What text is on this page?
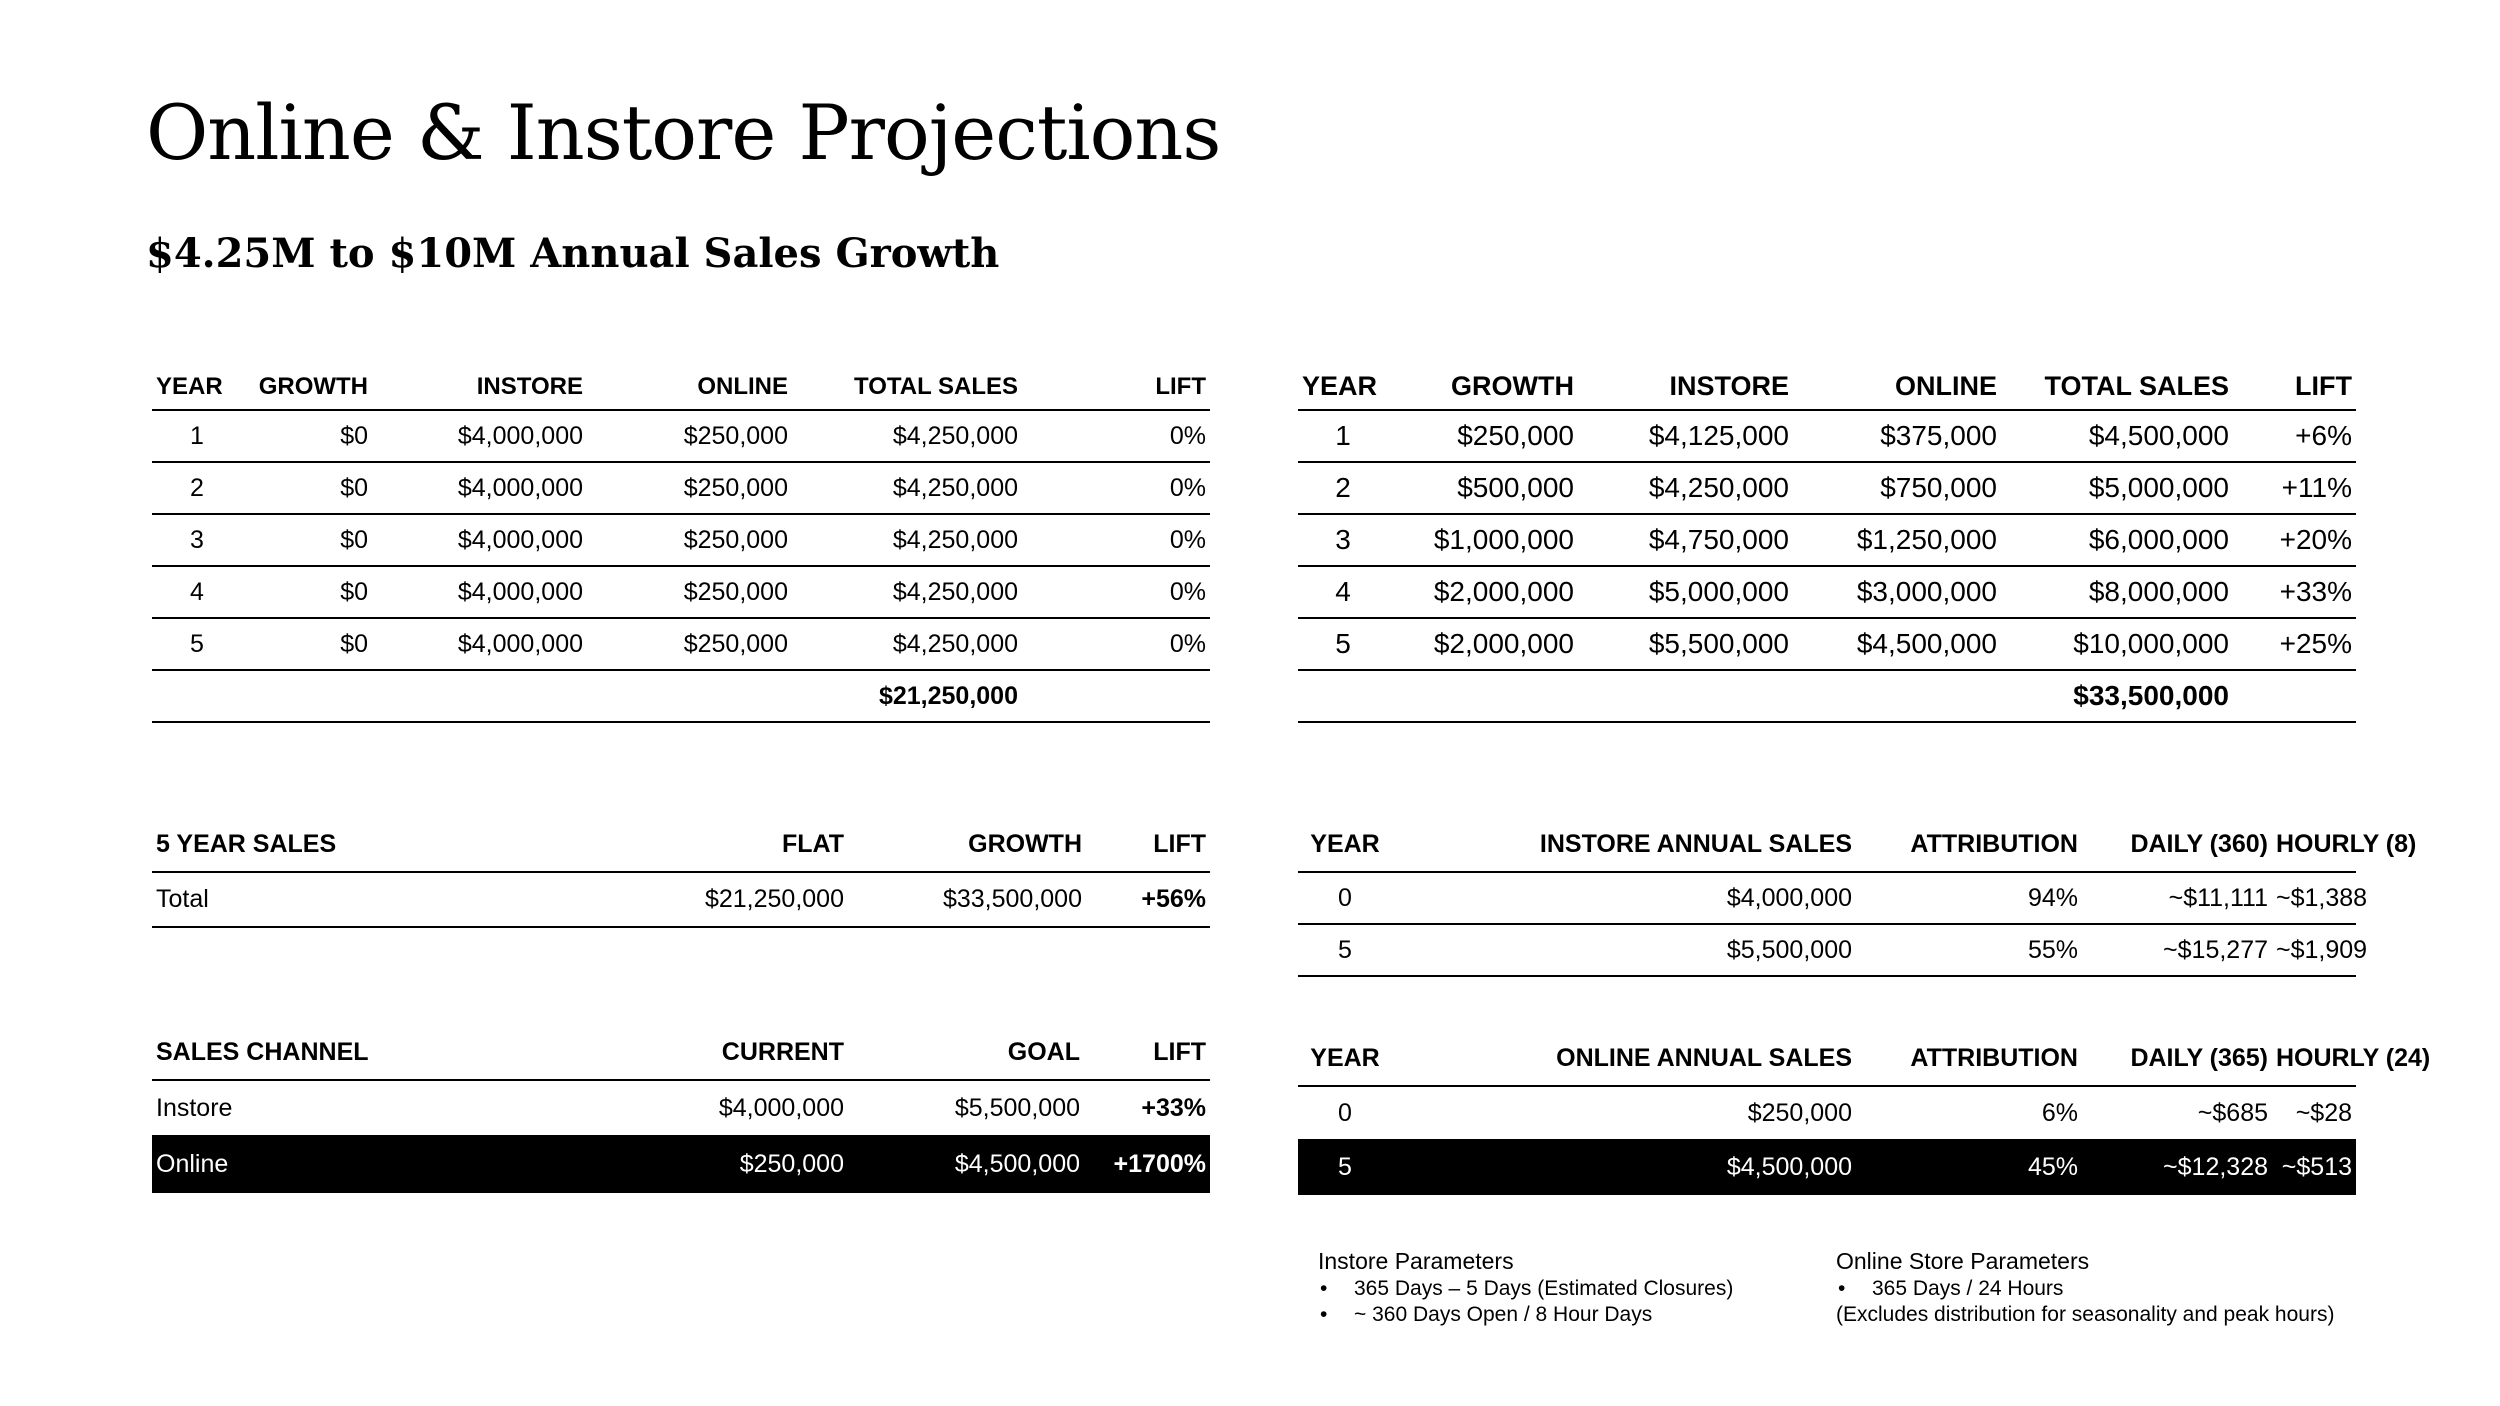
Online & Instore Projections
$4.25M to $10M Annual Sales Growth
YEAR	GROWTH	INSTORE	ONLINE	TOTAL SALES	LIFT
1	$0	$4,000,000	$250,000	$4,250,000	0%
2	$0	$4,000,000	$250,000	$4,250,000	0%
3	$0	$4,000,000	$250,000	$4,250,000	0%
4	$0	$4,000,000	$250,000	$4,250,000	0%
5	$0	$4,000,000	$250,000	$4,250,000	0%
				$21,250,000	
YEAR	GROWTH	INSTORE	ONLINE	TOTAL SALES	LIFT
1	$250,000	$4,125,000	$375,000	$4,500,000	+6%
2	$500,000	$4,250,000	$750,000	$5,000,000	+11%
3	$1,000,000	$4,750,000	$1,250,000	$6,000,000	+20%
4	$2,000,000	$5,000,000	$3,000,000	$8,000,000	+33%
5	$2,000,000	$5,500,000	$4,500,000	$10,000,000	+25%
				$33,500,000	
5 YEAR SALES	FLAT	GROWTH	LIFT
Total	$21,250,000	$33,500,000	+56%
SALES CHANNEL	CURRENT	GOAL	LIFT
Instore	$4,000,000	$5,500,000	+33%
Online	$250,000	$4,500,000	+1700%
YEAR	INSTORE ANNUAL SALES	ATTRIBUTION	DAILY (360)	HOURLY (8)
0	$4,000,000	94%	~$11,111	~$1,388
5	$5,500,000	55%	~$15,277	~$1,909
YEAR	ONLINE ANNUAL SALES	ATTRIBUTION	DAILY (365)	HOURLY (24)
0	$250,000	6%	~$685	~$28
5	$4,500,000	45%	~$12,328	~$513
Instore Parameters
• 365 Days – 5 Days (Estimated Closures)
• ~ 360 Days Open / 8 Hour Days
Online Store Parameters
• 365 Days / 24 Hours
(Excludes distribution for seasonality and peak hours)
